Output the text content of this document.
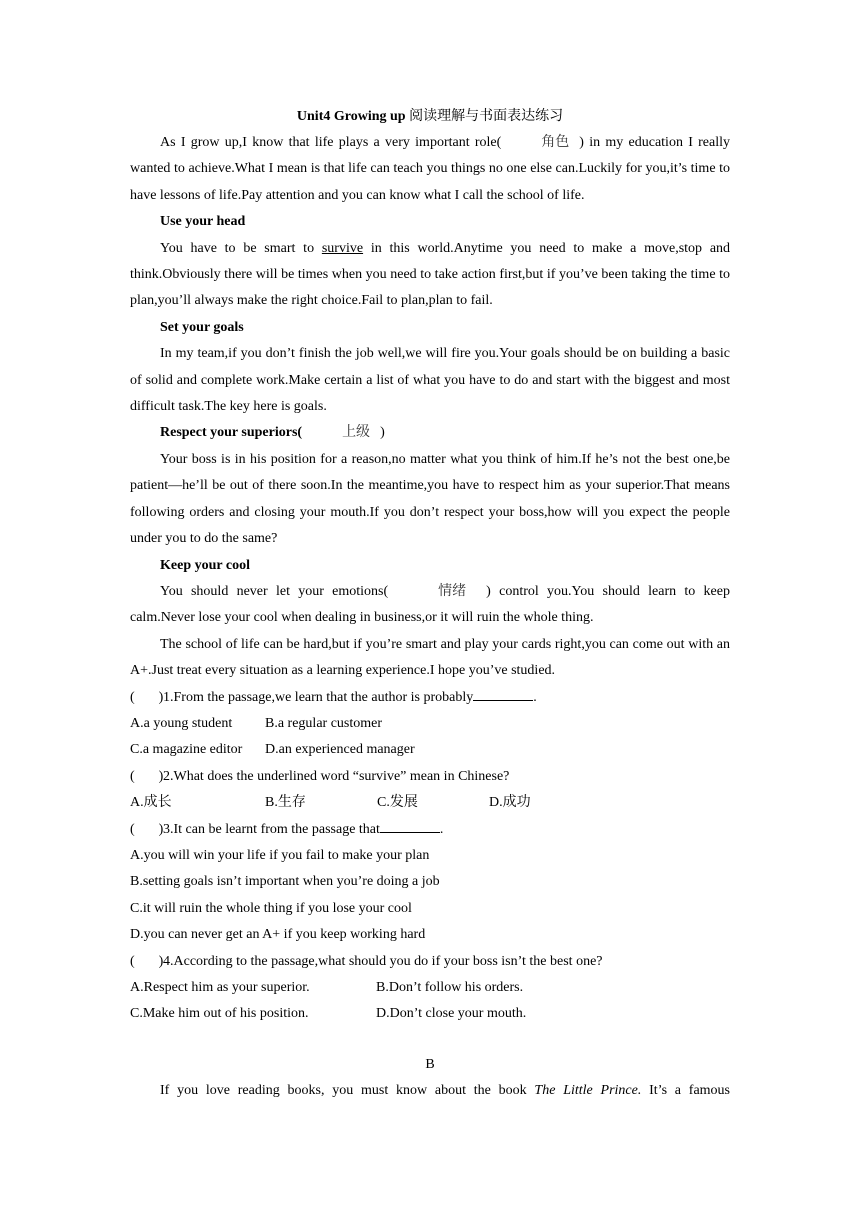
Unit4 Growing up 阅读理解与书面表达练习

As I grow up,I know that life plays a very important role(	角色 ) in my education I really wanted to achieve.What I mean is that life can teach you things no one else can.Luckily for you,it’s time to have lessons of life.Pay attention and you can know what I call the school of life.

Use your head

You have to be smart to survive in this world.Anytime you need to make a move,stop and think.Obviously there will be times when you need to take action first,but if you’ve been taking the time to plan,you’ll always make the right choice.Fail to plan,plan to fail.

Set your goals

In my team,if you don’t finish the job well,we will fire you.Your goals should be on building a basic of solid and complete work.Make certain a list of what you have to do and start with the biggest and most difficult task.The key here is goals.

Respect your superiors(	上级 )

Your boss is in his position for a reason,no matter what you think of him.If he’s not the best one,be patient—he’ll be out of there soon.In the meantime,you have to respect him as your superior.That means following orders and closing your mouth.If you don’t respect your boss,how will you expect the people under you to do the same?

Keep your cool

You should never let your emotions(	情绪 ) control you.You should learn to keep calm.Never lose your cool when dealing in business,or it will ruin the whole thing.

The school of life can be hard,but if you’re smart and play your cards right,you can come out with an A+.Just treat every situation as a learning experience.I hope you’ve studied.

( )1.From the passage,we learn that the author is probably	.
A.a young student B.a regular customer
C.a magazine editor D.an experienced manager
( )2.What does the underlined word “survive” mean in Chinese?
A.成长	B.生存	C.发展	D.成功
( )3.It can be learnt from the passage that	.
A.you will win your life if you fail to make your plan
B.setting goals isn’t important when you’re doing a job
C.it will ruin the whole thing if you lose your cool
D.you can never get an A+ if you keep working hard
( )4.According to the passage,what should you do if your boss isn’t the best one?
A.Respect him as your superior.	B.Don’t follow his orders.
C.Make him out of his position.	D.Don’t close your mouth.
B

If you love reading books, you must know about the book The Little Prince. It’s a famous
